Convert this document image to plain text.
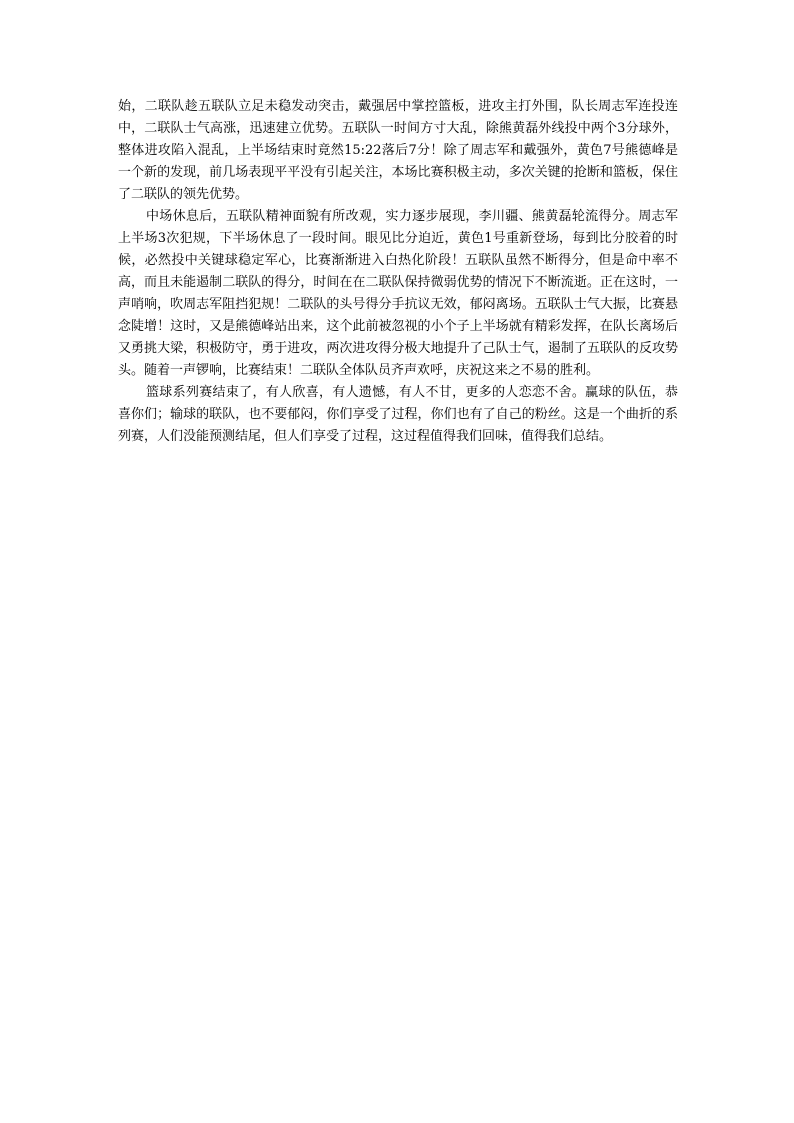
始，二联队趁五联队立足未稳发动突击，戴强居中掌控篮板，进攻主打外围，队长周志军连投连中，二联队士气高涨，迅速建立优势。五联队一时间方寸大乱，除熊黄磊外线投中两个3分球外，整体进攻陷入混乱，上半场结束时竟然15:22落后7分！除了周志军和戴强外，黄色7号熊德峰是一个新的发现，前几场表现平平没有引起关注，本场比赛积极主动，多次关键的抢断和篮板，保住了二联队的领先优势。

中场休息后，五联队精神面貌有所改观，实力逐步展现，李川疆、熊黄磊轮流得分。周志军上半场3次犯规，下半场休息了一段时间。眼见比分迫近，黄色1号重新登场，每到比分胶着的时候，必然投中关键球稳定军心，比赛渐渐进入白热化阶段！五联队虽然不断得分，但是命中率不高，而且未能遏制二联队的得分，时间在在二联队保持微弱优势的情况下不断流逝。正在这时，一声哨响，吹周志军阻挡犯规！二联队的头号得分手抗议无效，郁闷离场。五联队士气大振，比赛悬念陡增！这时，又是熊德峰站出来，这个此前被忽视的小个子上半场就有精彩发挥，在队长离场后又勇挑大梁，积极防守，勇于进攻，两次进攻得分极大地提升了己队士气，遏制了五联队的反攻势头。随着一声锣响，比赛结束！二联队全体队员齐声欢呼，庆祝这来之不易的胜利。

篮球系列赛结束了，有人欣喜，有人遗憾，有人不甘，更多的人恋恋不舍。赢球的队伍，恭喜你们；输球的联队，也不要郁闷，你们享受了过程，你们也有了自己的粉丝。这是一个曲折的系列赛，人们没能预测结尾，但人们享受了过程，这过程值得我们回味，值得我们总结。
